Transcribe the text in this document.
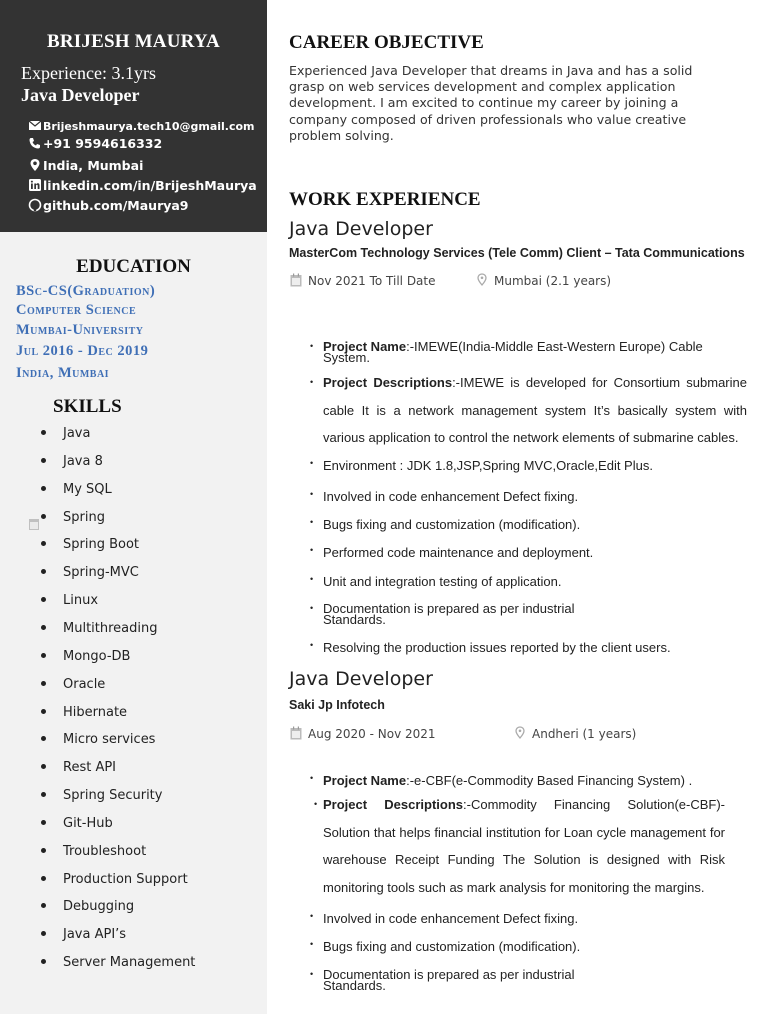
BRIJESH MAURYA
Experience: 3.1yrs
Java Developer
Brijeshmaurya.tech10@gmail.com
+91 9594616332
India, Mumbai
linkedin.com/in/BrijeshMaurya
github.com/Maurya9
EDUCATION
BSc-CS(Graduation)
Computer Science
Mumbai-University
Jul 2016 - Dec 2019
India, Mumbai
SKILLS
Java
Java 8
My SQL
Spring
Spring Boot
Spring-MVC
Linux
Multithreading
Mongo-DB
Oracle
Hibernate
Micro services
Rest API
Spring Security
Git-Hub
Troubleshoot
Production Support
Debugging
Java API’s
Server Management
CAREER OBJECTIVE
Experienced Java Developer that dreams in Java and has a solid grasp on web services development and complex application development. I am excited to continue my career by joining a company composed of driven professionals who value creative problem solving.
WORK EXPERIENCE
Java Developer
MasterCom Technology Services (Tele Comm) Client – Tata Communications
Nov 2021 To Till Date	Mumbai (2.1 years)
• Project Name:-IMEWE(India-Middle East-Western Europe) Cable System.
• Project Descriptions:-IMEWE is developed for Consortium submarine cable It is a network management system It’s basically system with various application to control the network elements of submarine cables.
• Environment : JDK 1.8,JSP,Spring MVC,Oracle,Edit Plus.
• Involved in code enhancement Defect fixing.
• Bugs fixing and customization (modification).
• Performed code maintenance and deployment.
• Unit and integration testing of application.
• Documentation is prepared as per industrial Standards.
• Resolving the production issues reported by the client users.
Java Developer
Saki Jp Infotech
Aug 2020 - Nov 2021	Andheri (1 years)
• Project Name:-e-CBF(e-Commodity Based Financing System) .
• Project Descriptions:-Commodity Financing Solution(e-CBF)-Solution that helps financial institution for Loan cycle management for warehouse Receipt Funding The Solution is designed with Risk monitoring tools such as mark analysis for monitoring the margins.
• Involved in code enhancement Defect fixing.
• Bugs fixing and customization (modification).
• Documentation is prepared as per industrial Standards.
